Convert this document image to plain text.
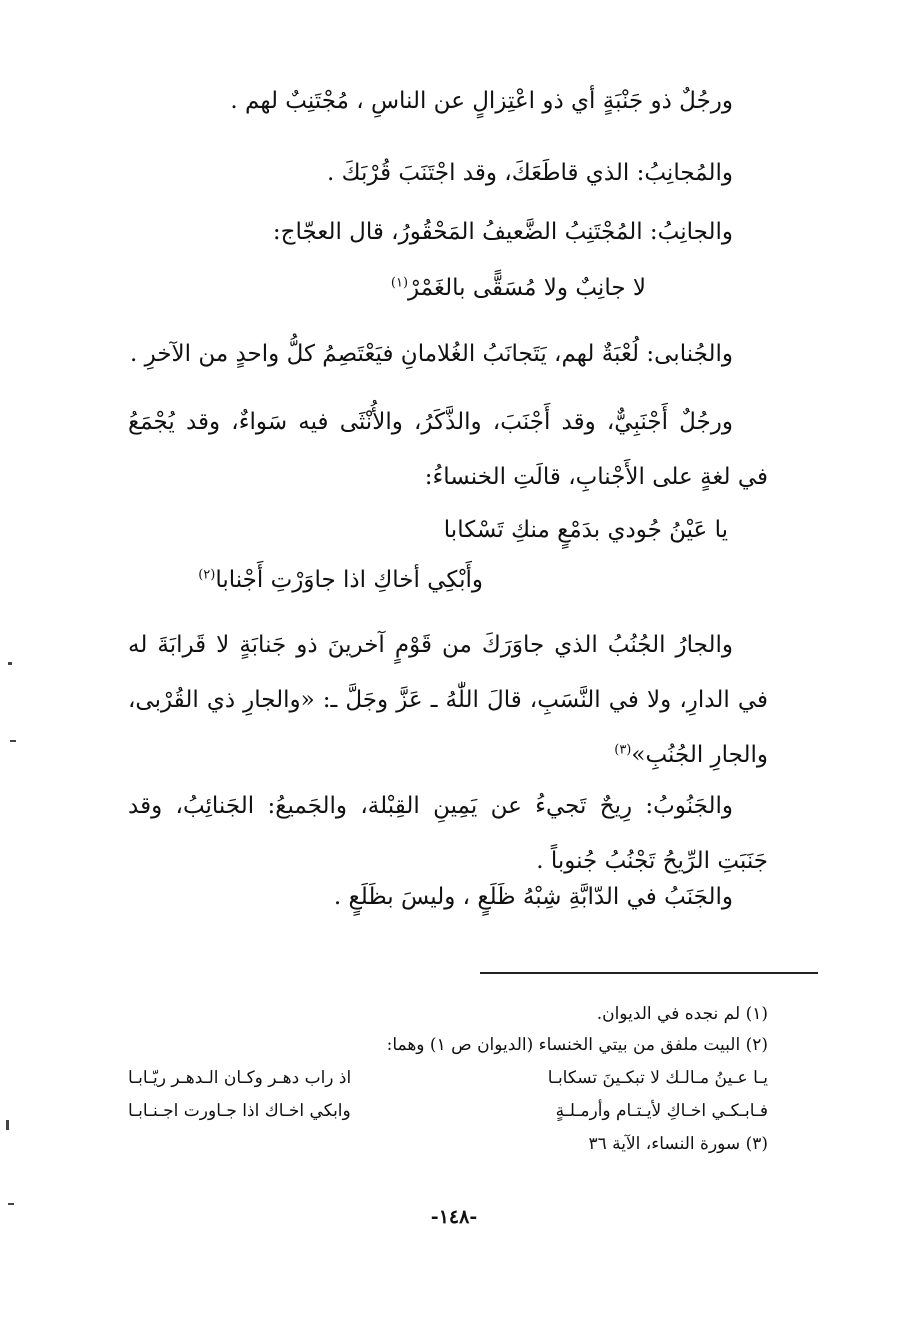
ورجُلٌ ذو جَنْبَةٍ أي ذو اعْتِزالٍ عن الناسِ ، مُجْتَنِبٌ لهم .

والمُجانِبُ: الذي قاطَعَكَ، وقد اجْتَنَبَ قُرْبَكَ .

والجانِبُ: المُجْتَنِبُ الضَّعيفُ المَحْقُورُ، قال العجّاج:

لا جانِبٌ ولا مُسَقًّى بالغَمْرْ$^{(١)}$

والجُنابى: لُعْبَةٌ لهم، يَتَجانَبُ الغُلامانِ فيَعْتَصِمُ كلُّ واحدٍ من الآخرِ .

ورجُلٌ أَجْنَبِيٌّ، وقد أَجْنَبَ، والذَّكَرُ، والأُنْثَى فيه سَواءٌ، وقد يُجْمَعُ في لغةٍ على الأَجْنابِ، قالَتِ الخنساءُ:

يا عَيْنُ جُودي بدَمْعٍ منكِ تَسْكابا
وأَبْكِي أخاكِ اذا جاوَرْتِ أَجْنابا$^{(٢)}$
والجارُ الجُنُبُ الذي جاوَرَكَ من قَوْمٍ آخرينَ ذو جَنابَةٍ لا قَرابَةَ له في الدارِ، ولا في النَّسَبِ، قالَ اللّٰهُ ـ عَزَّ وجَلَّ ـ: «والجارِ ذي القُرْبى، والجارِ الجُنُبِ»$^{(٣)}$

والجَنُوبُ: رِيحٌ تَجيءُ عن يَمِينِ القِبْلة، والجَميعُ: الجَنائِبُ، وقد جَنَبَتِ الرِّيحُ تَجْنُبُ جُنوباً .

والجَنَبُ في الدّابَّةِ شِبْهُ ظَلَعٍ ، وليسَ بظَلَعٍ .

(١) لم نجده في الديوان.
(٢) البيت ملفق من بيتي الخنساء (الديوان ص ١) وهما:
يـا عـينُ مـالـك لا تبكـينَ تسكابـا
اذ راب دهـر وكـان الـدهـر ريّـابـا
فـابـكـي اخـاكِ لأيـتـام وأرمـلـةٍ
وابكي اخـاك اذا جـاورت اجـنـابـا
(٣) سورة النساء، الآية ٣٦
-١٤٨-
